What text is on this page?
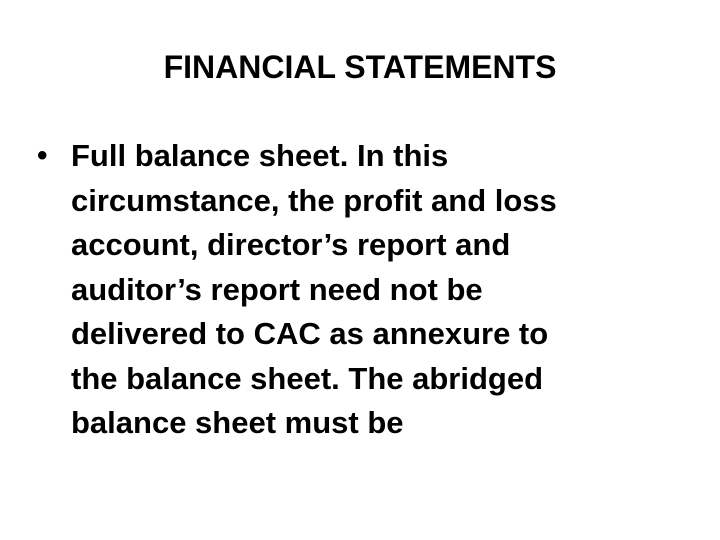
FINANCIAL STATEMENTS
• Full balance sheet. In this
circumstance, the profit and loss
account, director’s report and
auditor’s report need not be
delivered to CAC as annexure to
the balance sheet. The abridged
balance sheet must be
